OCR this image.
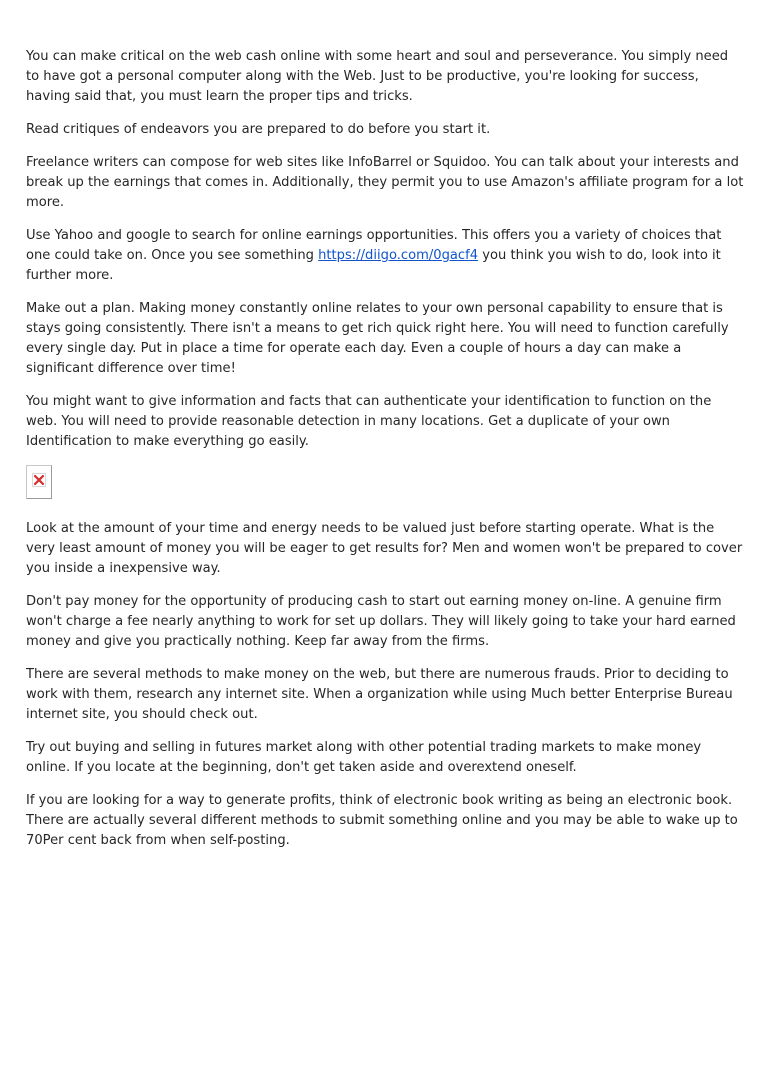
You can make critical on the web cash online with some heart and soul and perseverance. You simply need to have got a personal computer along with the Web. Just to be productive, you're looking for success, having said that, you must learn the proper tips and tricks.

Read critiques of endeavors you are prepared to do before you start it.

Freelance writers can compose for web sites like InfoBarrel or Squidoo. You can talk about your interests and break up the earnings that comes in. Additionally, they permit you to use Amazon's affiliate program for a lot more.

Use Yahoo and google to search for online earnings opportunities. This offers you a variety of choices that one could take on. Once you see something https://diigo.com/0gacf4 you think you wish to do, look into it further more.

Make out a plan. Making money constantly online relates to your own personal capability to ensure that is stays going consistently. There isn't a means to get rich quick right here. You will need to function carefully every single day. Put in place a time for operate each day. Even a couple of hours a day can make a significant difference over time!

You might want to give information and facts that can authenticate your identification to function on the web. You will need to provide reasonable detection in many locations. Get a duplicate of your own Identification to make everything go easily.

Look at the amount of your time and energy needs to be valued just before starting operate. What is the very least amount of money you will be eager to get results for? Men and women won't be prepared to cover you inside a inexpensive way.

Don't pay money for the opportunity of producing cash to start out earning money on-line. A genuine firm won't charge a fee nearly anything to work for set up dollars. They will likely going to take your hard earned money and give you practically nothing. Keep far away from the firms.

There are several methods to make money on the web, but there are numerous frauds. Prior to deciding to work with them, research any internet site. When a organization while using Much better Enterprise Bureau internet site, you should check out.

Try out buying and selling in futures market along with other potential trading markets to make money online. If you locate at the beginning, don't get taken aside and overextend oneself.

If you are looking for a way to generate profits, think of electronic book writing as being an electronic book. There are actually several different methods to submit something online and you may be able to wake up to 70Per cent back from when self-posting.
